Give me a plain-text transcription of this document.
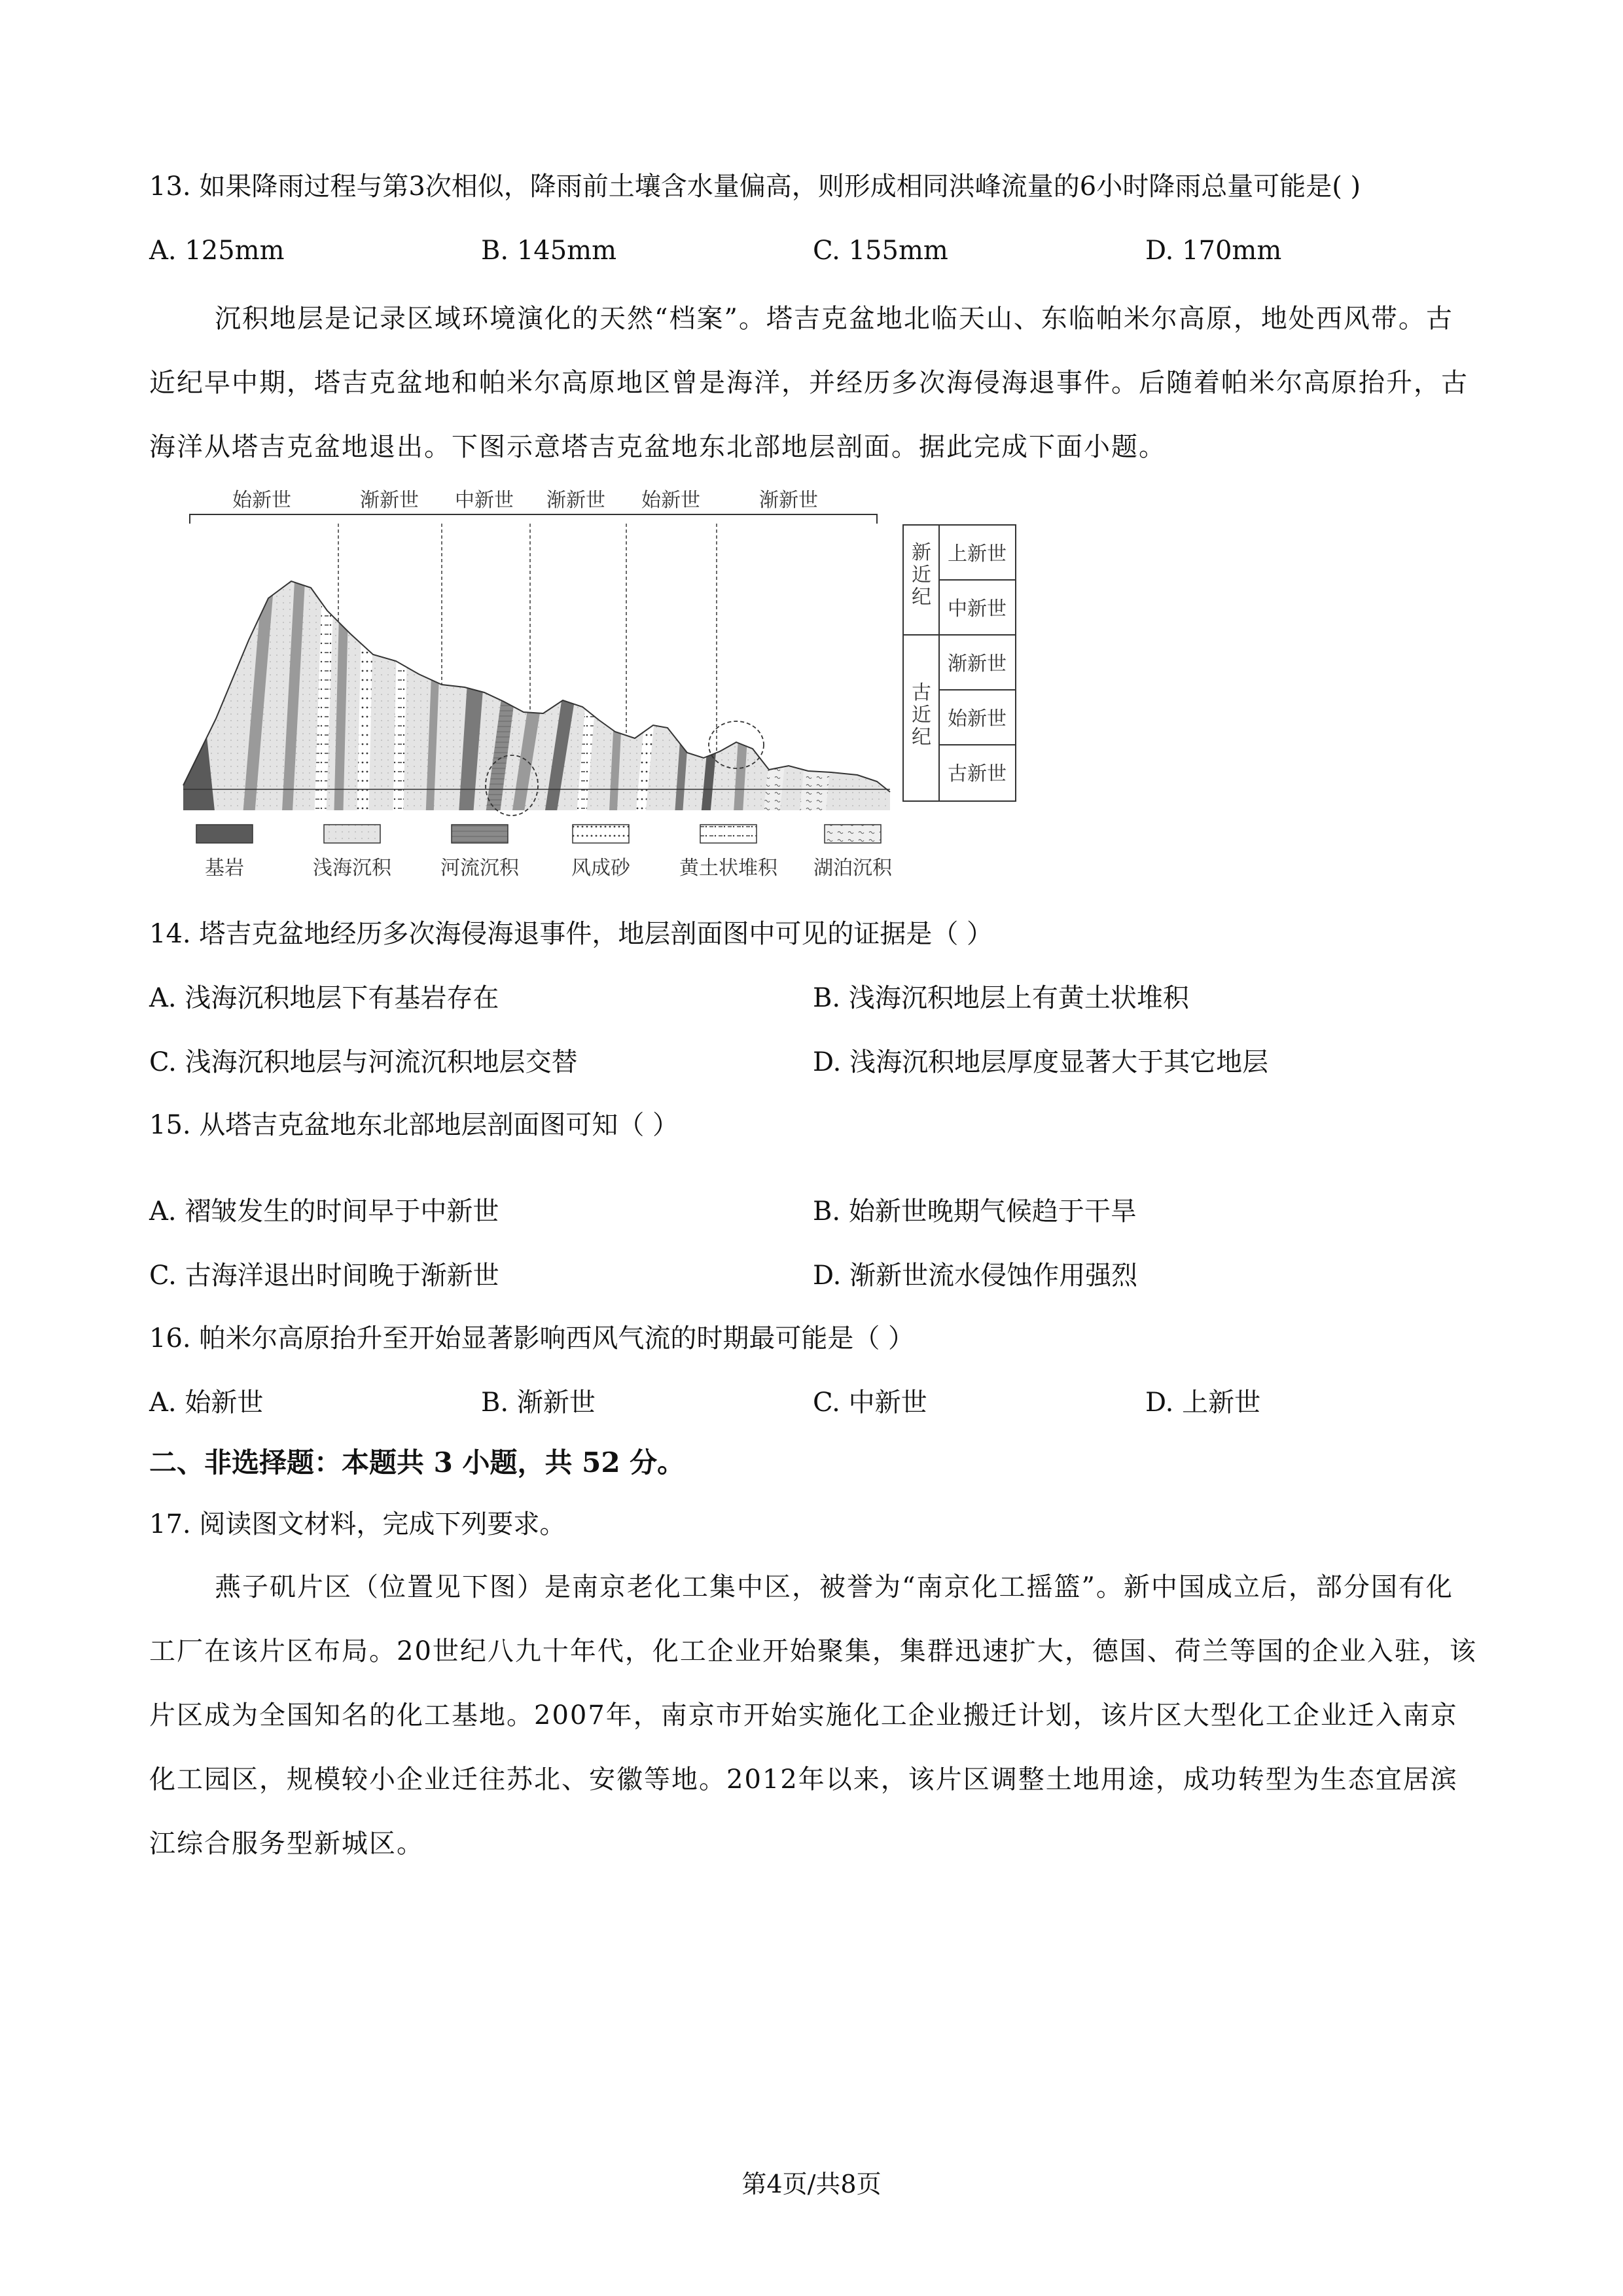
13. 如果降雨过程与第3次相似，降雨前土壤含水量偏高，则形成相同洪峰流量的6小时降雨总量可能是( )
A. 125mm	B. 145mm	C. 155mm	D. 170mm
沉积地层是记录区域环境演化的天然“档案”。塔吉克盆地北临天山、东临帕米尔高原，地处西风带。古近纪早中期，塔吉克盆地和帕米尔高原地区曾是海洋，并经历多次海侵海退事件。后随着帕米尔高原抬升，古海洋从塔吉克盆地退出。下图示意塔吉克盆地东北部地层剖面。据此完成下面小题。
始新世	渐新世 中新世 渐新世 始新世	渐新世
上新世
中新世
渐新世
始新世
古新世
新
近
纪
古
近
纪
基岩	浅海沉积	河流沉积	风成砂	黄土状堆积 湖泊沉积
14. 塔吉克盆地经历多次海侵海退事件，地层剖面图中可见的证据是（ ）
A. 浅海沉积地层下有基岩存在	B. 浅海沉积地层上有黄土状堆积
C. 浅海沉积地层与河流沉积地层交替	D. 浅海沉积地层厚度显著大于其它地层
15. 从塔吉克盆地东北部地层剖面图可知（ ）
A. 褶皱发生的时间早于中新世	B. 始新世晚期气候趋于干旱
C. 古海洋退出时间晚于渐新世	D. 渐新世流水侵蚀作用强烈
16. 帕米尔高原抬升至开始显著影响西风气流的时期最可能是（ ）
A. 始新世	B. 渐新世	C. 中新世	D. 上新世
二、非选择题：本题共 3 小题，共 52 分。
17. 阅读图文材料，完成下列要求。
燕子矶片区（位置见下图）是南京老化工集中区，被誉为“南京化工摇篮”。新中国成立后，部分国有化工厂在该片区布局。20世纪八九十年代，化工企业开始聚集，集群迅速扩大，德国、荷兰等国的企业入驻，该片区成为全国知名的化工基地。2007年，南京市开始实施化工企业搬迁计划，该片区大型化工企业迁入南京化工园区，规模较小企业迁往苏北、安徽等地。2012年以来，该片区调整土地用途，成功转型为生态宜居滨江综合服务型新城区。
第4页/共8页
